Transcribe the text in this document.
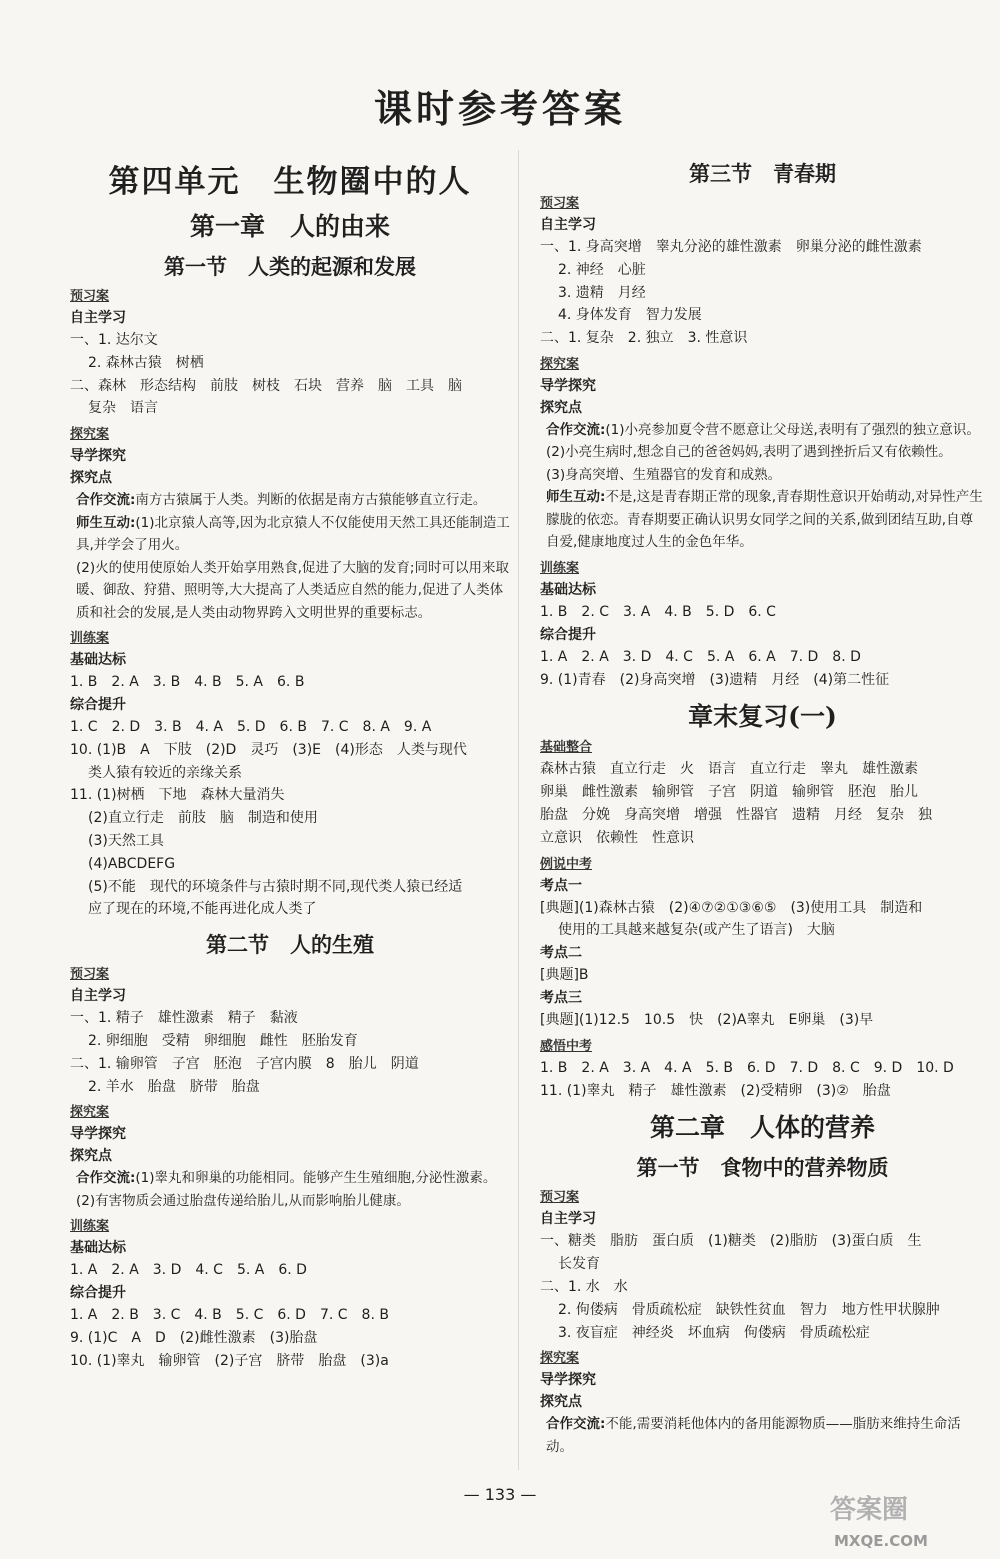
课时参考答案
第四单元　生物圈中的人
第一章　人的由来
第一节　人类的起源和发展
预习案
自主学习
一、1. 达尔文
2. 森林古猿　树栖
二、森林　形态结构　前肢　树枝　石块　营养　脑　工具　脑
复杂　语言
探究案
导学探究
探究点
合作交流:南方古猿属于人类。判断的依据是南方古猿能够直立行走。
师生互动:(1)北京猿人高等,因为北京猿人不仅能使用天然工具还能制造工具,并学会了用火。
(2)火的使用使原始人类开始享用熟食,促进了大脑的发育;同时可以用来取暖、御敌、狩猎、照明等,大大提高了人类适应自然的能力,促进了人类体质和社会的发展,是人类由动物界跨入文明世界的重要标志。
训练案
基础达标
1. B　2. A　3. B　4. B　5. A　6. B
综合提升
1. C　2. D　3. B　4. A　5. D　6. B　7. C　8. A　9. A
10. (1)B　A　下肢　(2)D　灵巧　(3)E　(4)形态　人类与现代
类人猿有较近的亲缘关系
11. (1)树栖　下地　森林大量消失
(2)直立行走　前肢　脑　制造和使用
(3)天然工具
(4)ABCDEFG
(5)不能　现代的环境条件与古猿时期不同,现代类人猿已经适
应了现在的环境,不能再进化成人类了
第二节　人的生殖
预习案
自主学习
一、1. 精子　雄性激素　精子　黏液
2. 卵细胞　受精　卵细胞　雌性　胚胎发育
二、1. 输卵管　子宫　胚泡　子宫内膜　8　胎儿　阴道
2. 羊水　胎盘　脐带　胎盘
探究案
导学探究
探究点
合作交流:(1)睾丸和卵巢的功能相同。能够产生生殖细胞,分泌性激素。
(2)有害物质会通过胎盘传递给胎儿,从而影响胎儿健康。
训练案
基础达标
1. A　2. A　3. D　4. C　5. A　6. D
综合提升
1. A　2. B　3. C　4. B　5. C　6. D　7. C　8. B
9. (1)C　A　D　(2)雌性激素　(3)胎盘
10. (1)睾丸　输卵管　(2)子宫　脐带　胎盘　(3)a
第三节　青春期
预习案
自主学习
一、1. 身高突增　睾丸分泌的雄性激素　卵巢分泌的雌性激素
2. 神经　心脏
3. 遗精　月经
4. 身体发育　智力发展
二、1. 复杂　2. 独立　3. 性意识
探究案
导学探究
探究点
合作交流:(1)小亮参加夏令营不愿意让父母送,表明有了强烈的独立意识。
(2)小亮生病时,想念自己的爸爸妈妈,表明了遇到挫折后又有依赖性。
(3)身高突增、生殖器官的发育和成熟。
师生互动:不是,这是青春期正常的现象,青春期性意识开始萌动,对异性产生朦胧的依恋。青春期要正确认识男女同学之间的关系,做到团结互助,自尊自爱,健康地度过人生的金色年华。
训练案
基础达标
1. B　2. C　3. A　4. B　5. D　6. C
综合提升
1. A　2. A　3. D　4. C　5. A　6. A　7. D　8. D
9. (1)青春　(2)身高突增　(3)遗精　月经　(4)第二性征
章末复习(一)
基础整合
森林古猿　直立行走　火　语言　直立行走　睾丸　雄性激素
卵巢　雌性激素　输卵管　子宫　阴道　输卵管　胚泡　胎儿
胎盘　分娩　身高突增　增强　性器官　遗精　月经　复杂　独
立意识　依赖性　性意识
例说中考
考点一
[典题](1)森林古猿　(2)④⑦②①③⑥⑤　(3)使用工具　制造和
使用的工具越来越复杂(或产生了语言)　大脑
考点二
[典题]B
考点三
[典题](1)12.5　10.5　快　(2)A睾丸　E卵巢　(3)早
感悟中考
1. B　2. A　3. A　4. A　5. B　6. D　7. D　8. C　9. D　10. D
11. (1)睾丸　精子　雄性激素　(2)受精卵　(3)②　胎盘
第二章　人体的营养
第一节　食物中的营养物质
预习案
自主学习
一、糖类　脂肪　蛋白质　(1)糖类　(2)脂肪　(3)蛋白质　生
长发育
二、1. 水　水
2. 佝偻病　骨质疏松症　缺铁性贫血　智力　地方性甲状腺肿
3. 夜盲症　神经炎　坏血病　佝偻病　骨质疏松症
探究案
导学探究
探究点
合作交流:不能,需要消耗他体内的备用能源物质——脂肪来维持生命活动。
— 133 —
答案圈
MXQE.COM
